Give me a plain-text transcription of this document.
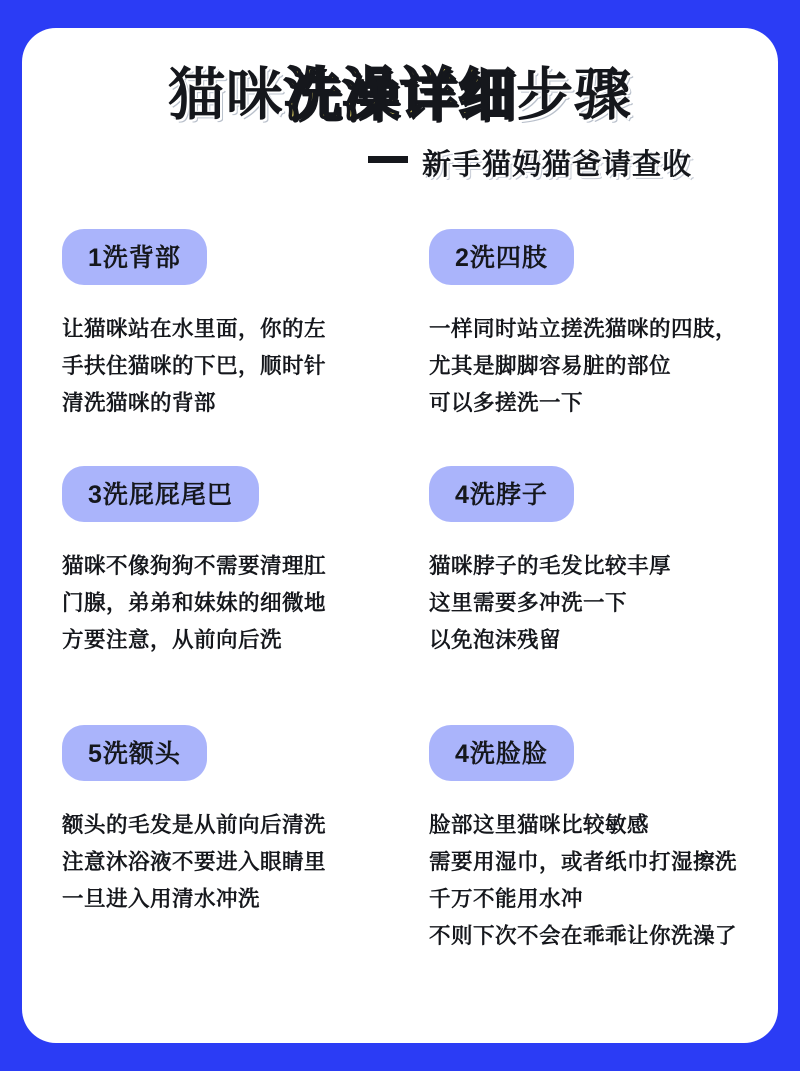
猫咪洗澡详细步骤
新手猫妈猫爸请查收
1洗背部
让猫咪站在水里面，你的左
手扶住猫咪的下巴，顺时针
清洗猫咪的背部
2洗四肢
一样同时站立搓洗猫咪的四肢，
尤其是脚脚容易脏的部位
可以多搓洗一下
3洗屁屁尾巴
猫咪不像狗狗不需要清理肛
门腺，弟弟和妹妹的细微地
方要注意，从前向后洗
4洗脖子
猫咪脖子的毛发比较丰厚
这里需要多冲洗一下
以免泡沫残留
5洗额头
额头的毛发是从前向后清洗
注意沐浴液不要进入眼睛里
一旦进入用清水冲洗
4洗脸脸
脸部这里猫咪比较敏感
需要用湿巾，或者纸巾打湿擦洗
千万不能用水冲
不则下次不会在乖乖让你洗澡了
